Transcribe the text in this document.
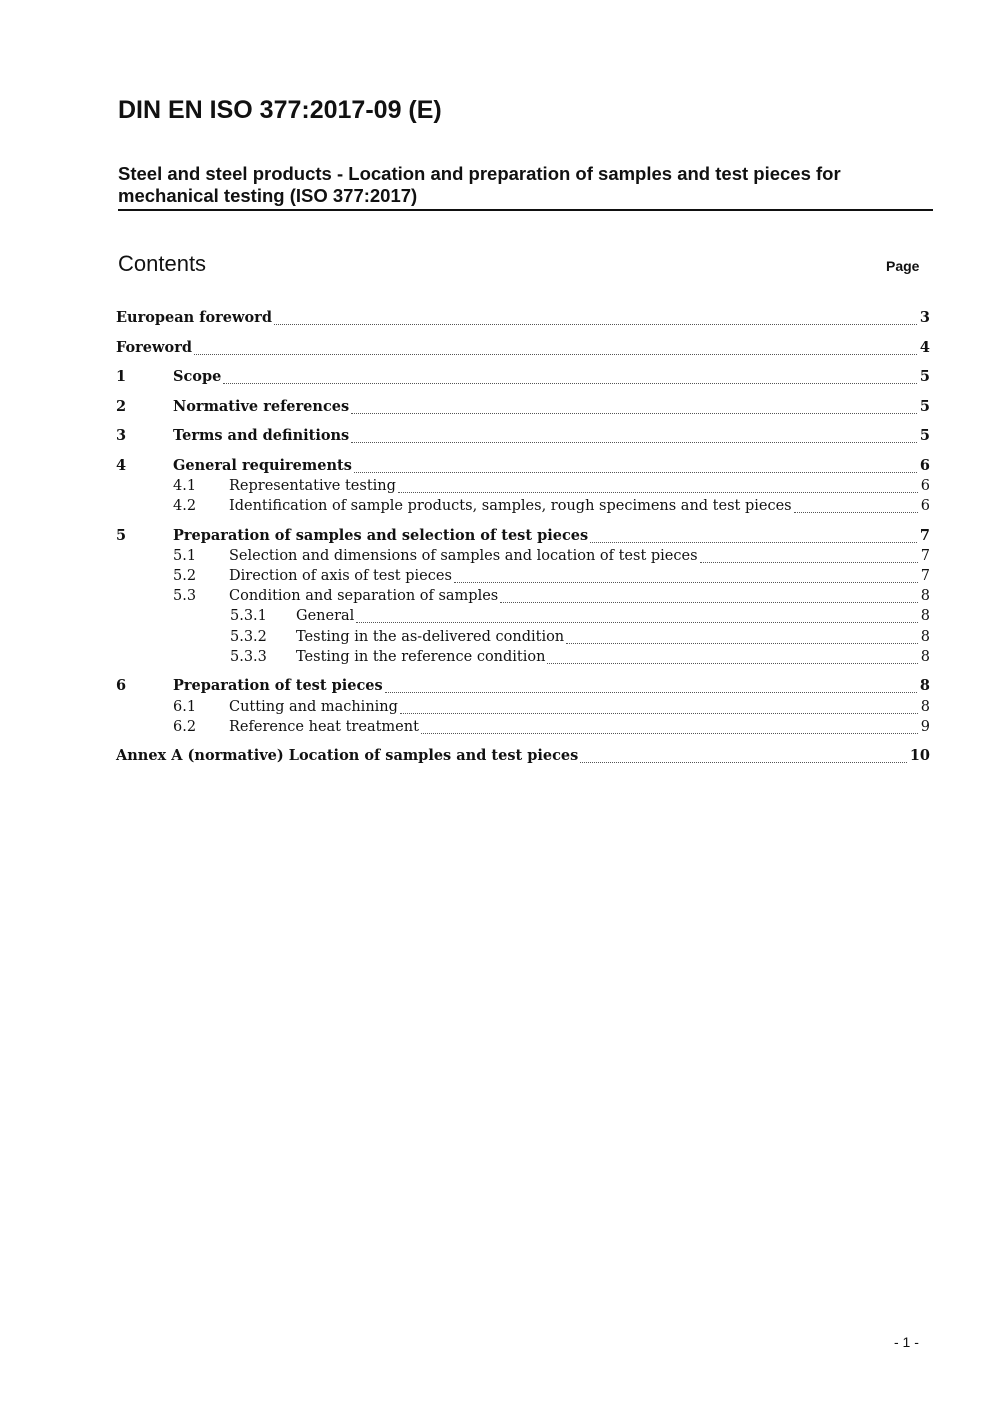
DIN EN ISO 377:2017-09 (E)
Steel and steel products - Location and preparation of samples and test pieces for mechanical testing (ISO 377:2017)
Contents	Page
European foreword	3
Foreword	4
1	Scope	5
2	Normative references	5
3	Terms and definitions	5
4	General requirements	6
4.1	Representative testing	6
4.2	Identification of sample products, samples, rough specimens and test pieces	6
5	Preparation of samples and selection of test pieces	7
5.1	Selection and dimensions of samples and location of test pieces	7
5.2	Direction of axis of test pieces	7
5.3	Condition and separation of samples	8
5.3.1	General	8
5.3.2	Testing in the as-delivered condition	8
5.3.3	Testing in the reference condition	8
6	Preparation of test pieces	8
6.1	Cutting and machining	8
6.2	Reference heat treatment	9
Annex A (normative) Location of samples and test pieces	10
- 1 -
